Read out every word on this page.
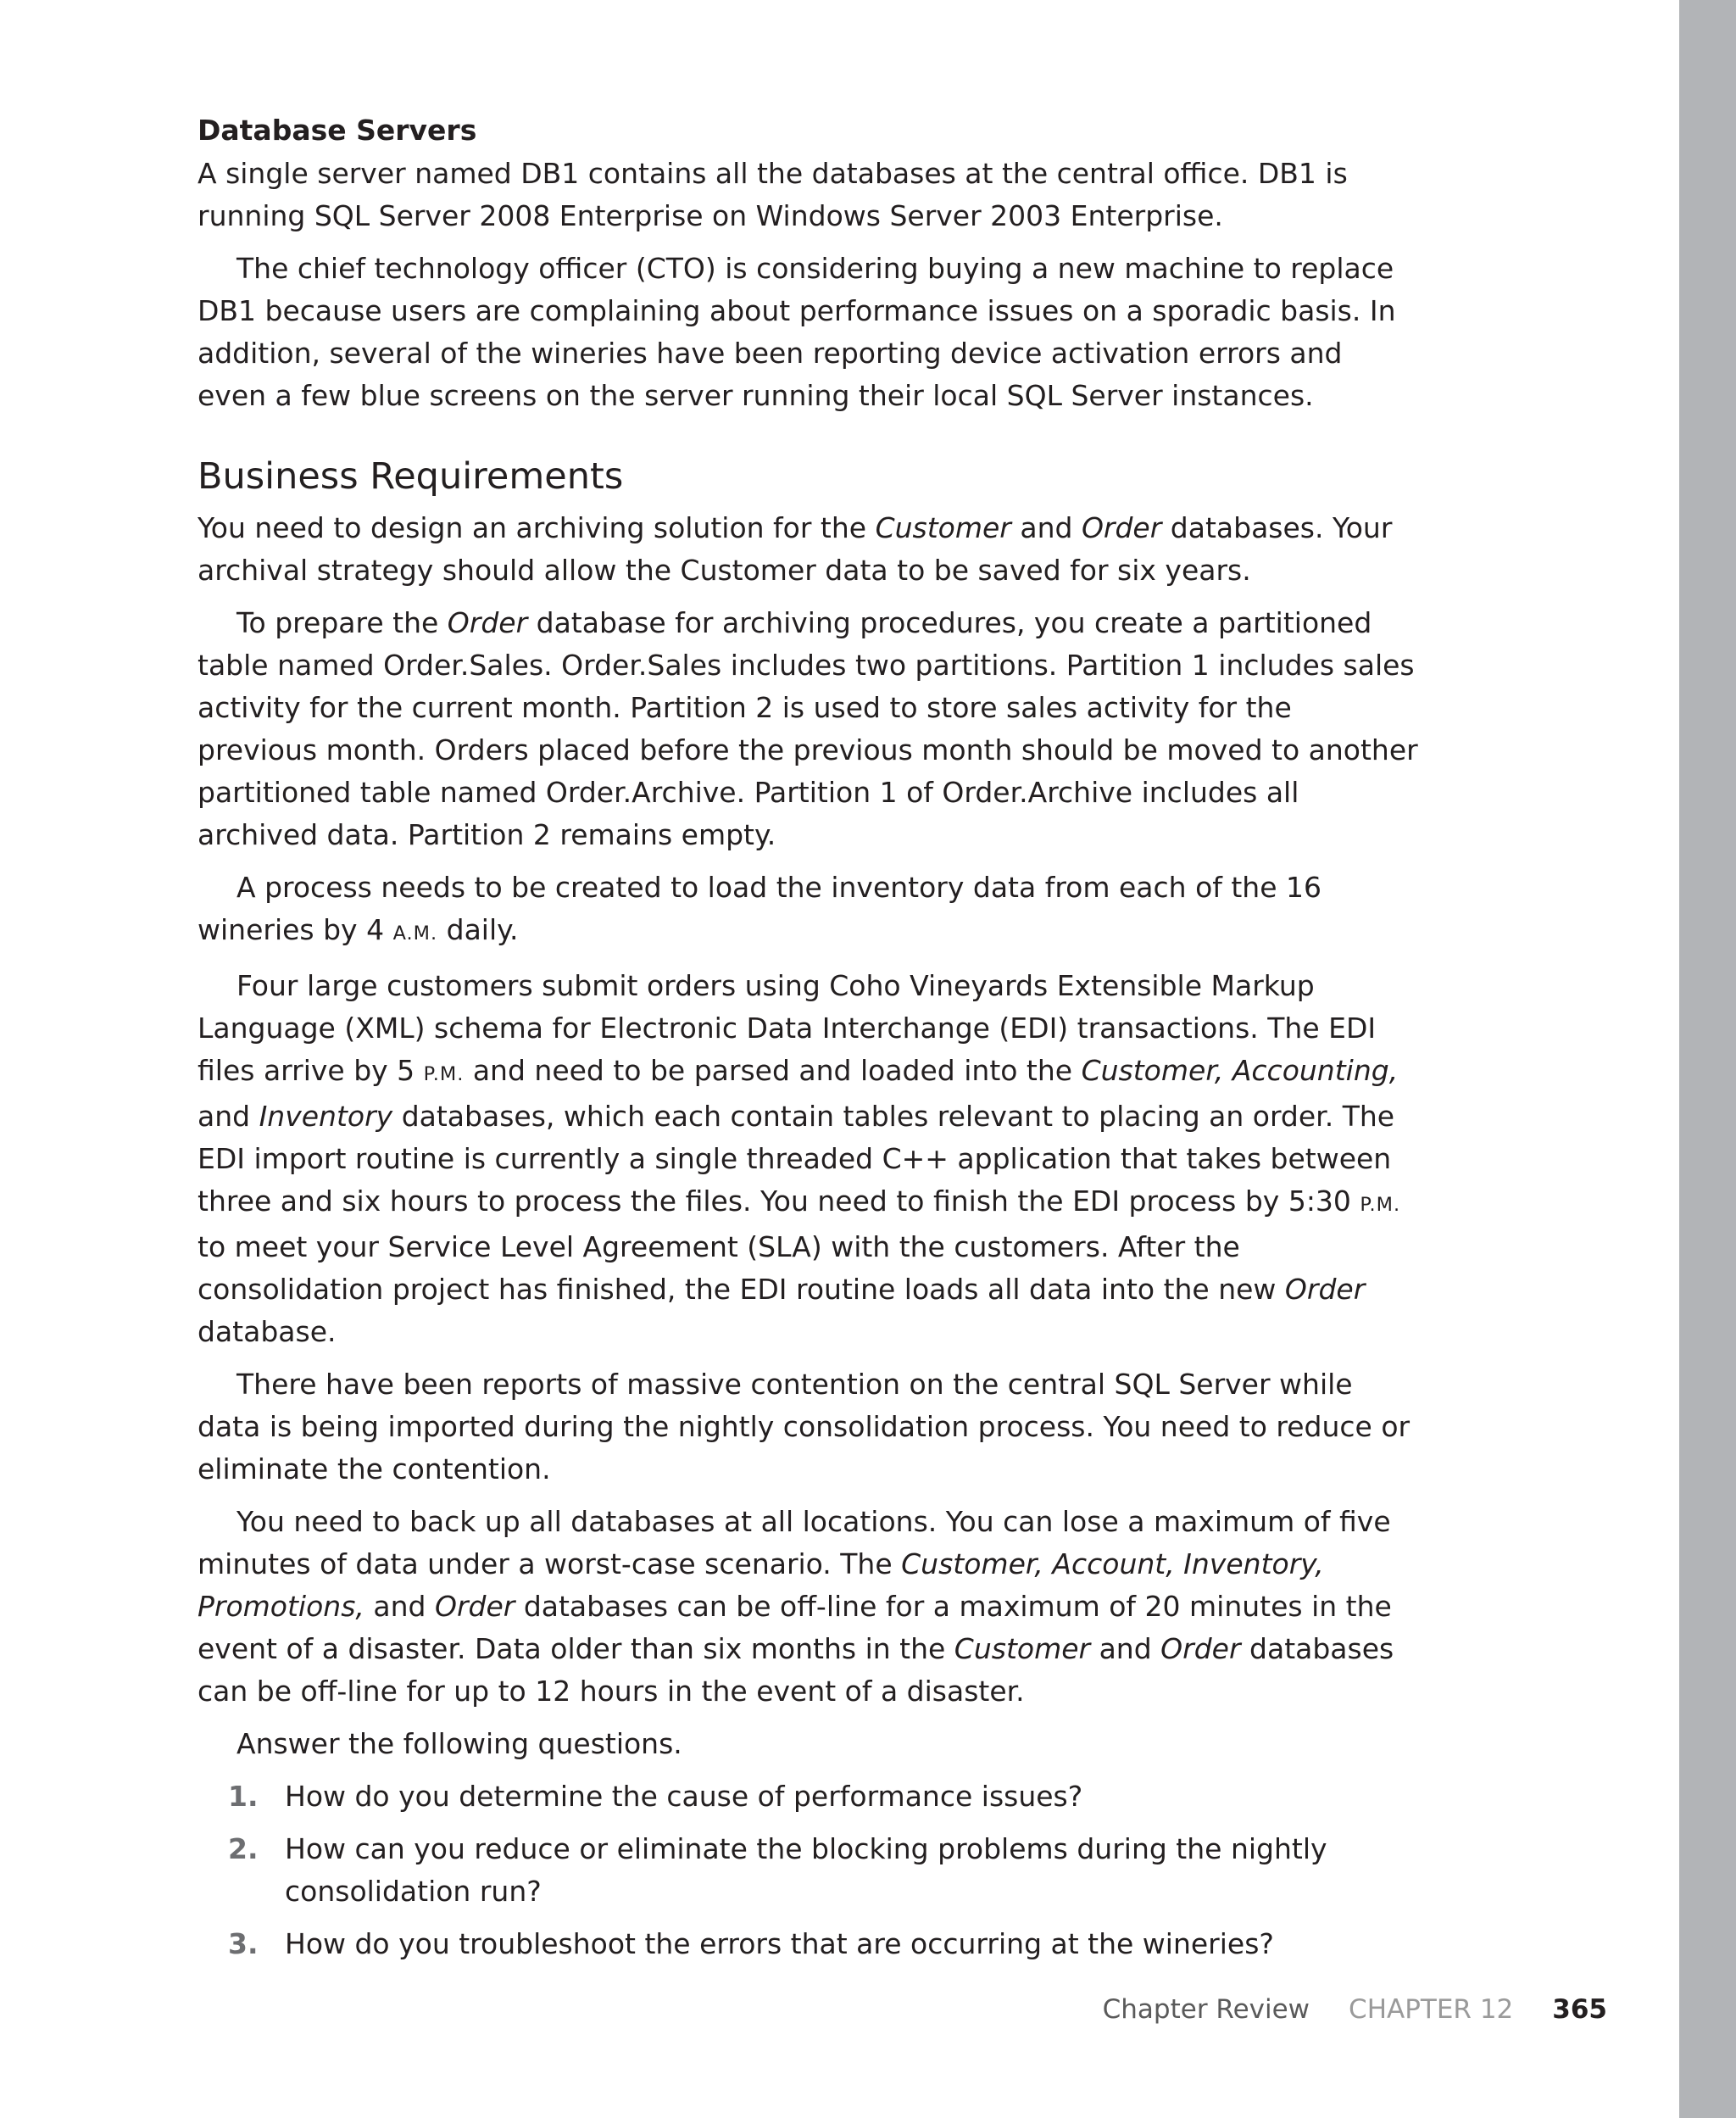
Database Servers

A single server named DB1 contains all the databases at the central office. DB1 is running SQL Server 2008 Enterprise on Windows Server 2003 Enterprise.

The chief technology officer (CTO) is considering buying a new machine to replace DB1 because users are complaining about performance issues on a sporadic basis. In addition, several of the wineries have been reporting device activation errors and even a few blue screens on the server running their local SQL Server instances.

Business Requirements

You need to design an archiving solution for the Customer and Order databases. Your archival strategy should allow the Customer data to be saved for six years.

To prepare the Order database for archiving procedures, you create a partitioned table named Order.Sales. Order.Sales includes two partitions. Partition 1 includes sales activity for the current month. Partition 2 is used to store sales activity for the previous month. Orders placed before the previous month should be moved to another partitioned table named Order.Archive. Partition 1 of Order.Archive includes all archived data. Partition 2 remains empty.

A process needs to be created to load the inventory data from each of the 16 wineries by 4 A.M. daily.

Four large customers submit orders using Coho Vineyards Extensible Markup Language (XML) schema for Electronic Data Interchange (EDI) transactions. The EDI files arrive by 5 P.M. and need to be parsed and loaded into the Customer, Accounting, and Inventory databases, which each contain tables relevant to placing an order. The EDI import routine is currently a single threaded C++ application that takes between three and six hours to process the files. You need to finish the EDI process by 5:30 P.M. to meet your Service Level Agreement (SLA) with the customers. After the consolidation project has finished, the EDI routine loads all data into the new Order database.

There have been reports of massive contention on the central SQL Server while data is being imported during the nightly consolidation process. You need to reduce or eliminate the contention.

You need to back up all databases at all locations. You can lose a maximum of five minutes of data under a worst-case scenario. The Customer, Account, Inventory, Promotions, and Order databases can be off-line for a maximum of 20 minutes in the event of a disaster. Data older than six months in the Customer and Order databases can be off-line for up to 12 hours in the event of a disaster.

Answer the following questions.

1. How do you determine the cause of performance issues?
2. How can you reduce or eliminate the blocking problems during the nightly consolidation run?
3. How do you troubleshoot the errors that are occurring at the wineries?
Chapter Review CHAPTER 12 365
